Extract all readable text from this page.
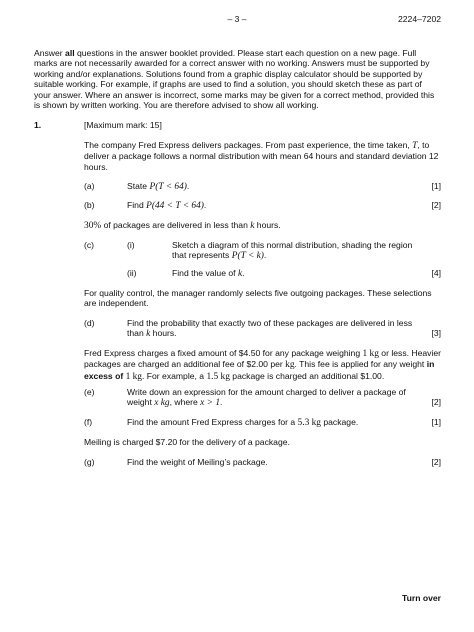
– 3 –	2224–7202
Answer all questions in the answer booklet provided. Please start each question on a new page. Full marks are not necessarily awarded for a correct answer with no working. Answers must be supported by working and/or explanations. Solutions found from a graphic display calculator should be supported by suitable working. For example, if graphs are used to find a solution, you should sketch these as part of your answer. Where an answer is incorrect, some marks may be given for a correct method, provided this is shown by written working. You are therefore advised to show all working.
1.	[Maximum mark: 15]
The company Fred Express delivers packages. From past experience, the time taken, T, to deliver a package follows a normal distribution with mean 64 hours and standard deviation 12 hours.
(a)	State P(T < 64).	[1]
(b)	Find P(44 < T < 64).	[2]
30% of packages are delivered in less than k hours.
(c)	(i)	Sketch a diagram of this normal distribution, shading the region that represents P(T < k).
(ii)	Find the value of k.	[4]
For quality control, the manager randomly selects five outgoing packages. These selections are independent.
(d)	Find the probability that exactly two of these packages are delivered in less
than k hours.	[3]
Fred Express charges a fixed amount of $4.50 for any package weighing 1 kg or less. Heavier packages are charged an additional fee of $2.00 per kg. This fee is applied for any weight in excess of 1 kg. For example, a 1.5 kg package is charged an additional $1.00.
(e)	Write down an expression for the amount charged to deliver a package of
weight x kg, where x > 1.	[2]
(f)	Find the amount Fred Express charges for a 5.3 kg package.	[1]
Meiling is charged $7.20 for the delivery of a package.
(g)	Find the weight of Meiling’s package.	[2]
Turn over
